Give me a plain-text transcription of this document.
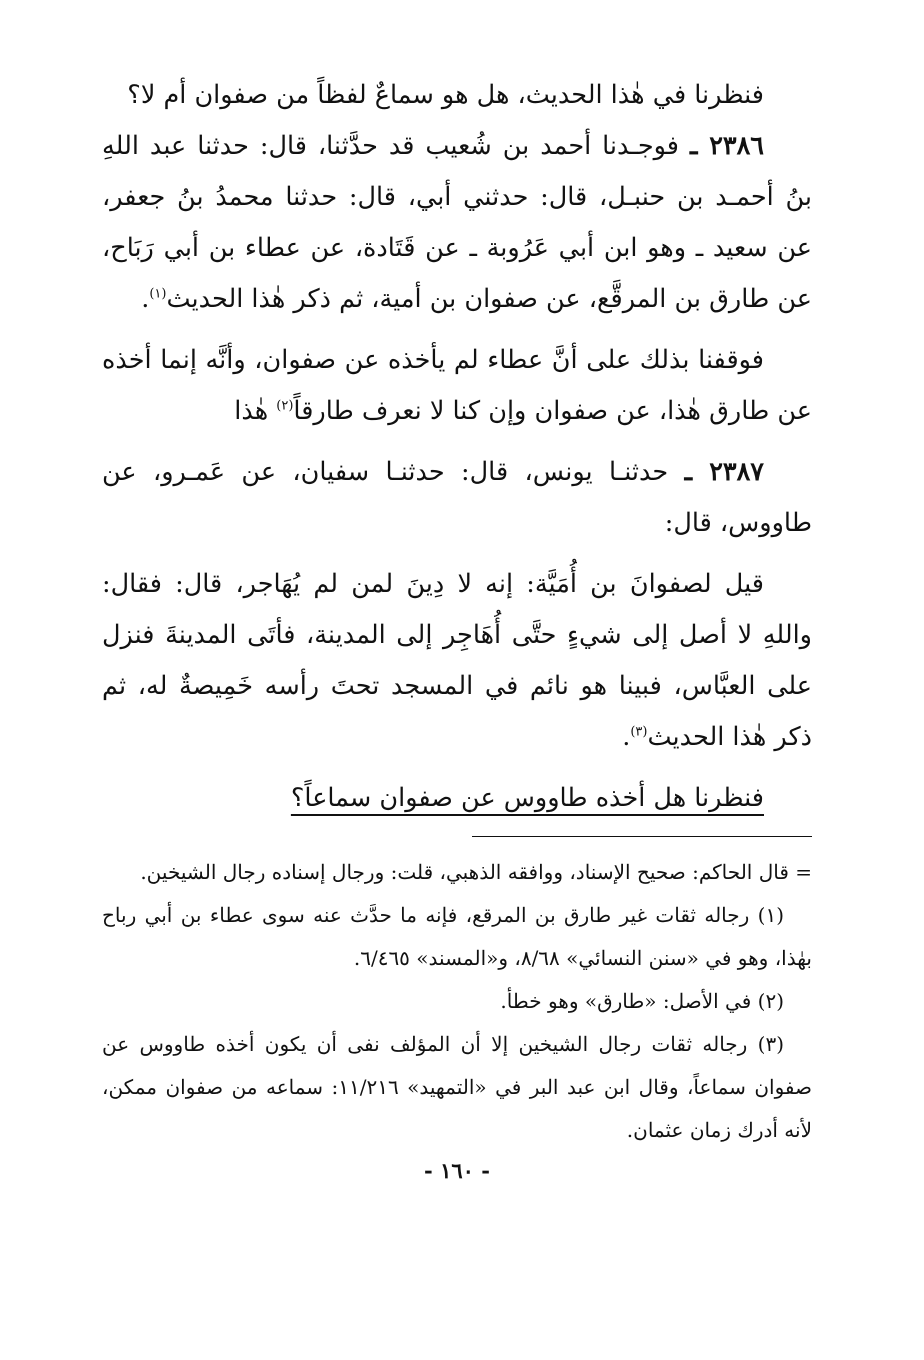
فنظرنا في هٰذا الحديث، هل هو سماعٌ لفظاً من صفوان أم لا؟

٢٣٨٦ ـ فوجـدنا أحمد بن شُعيب قد حدَّثنا، قال: حدثنا عبد اللهِ بنُ أحمـد بن حنبـل، قال: حدثني أبي، قال: حدثنا محمدُ بنُ جعفر، عن سعيد ـ وهو ابن أبي عَرُوبة ـ عن قَتَادة، عن عطاء بن أبي رَبَاح، عن طارق بن المرقَّع، عن صفوان بن أمية، ثم ذكر هٰذا الحديث$^{(١)}$.

فوقفنا بذلك على أنَّ عطاء لم يأخذه عن صفوان، وأنَّه إنما أخذه عن طارق هٰذا، عن صفوان وإن كنا لا نعرف طارقاً$^{(٢)}$ هٰذا

٢٣٨٧ ـ حدثنـا يونس، قال: حدثنـا سفيان، عن عَمـرو، عن طاووس، قال:

قيل لصفوانَ بن أُمَيَّة: إنه لا دِينَ لمن لم يُهَاجر، قال: فقال: واللهِ لا أصل إلى شيءٍ حتَّى أُهَاجِر إلى المدينة، فأتَى المدينةَ فنزل على العبَّاس، فبينا هو نائم في المسجد تحتَ رأسه خَمِيصةٌ له، ثم ذكر هٰذا الحديث$^{(٣)}$.

فنظرنا هل أخذه طاووس عن صفوان سماعاً؟

= قال الحاكم: صحيح الإسناد، ووافقه الذهبي، قلت: ورجال إسناده رجال الشيخين.

(١) رجاله ثقات غير طارق بن المرقع، فإنه ما حدَّث عنه سوى عطاء بن أبي رباح بهٰذا، وهو في «سنن النسائي» ٨/٦٨، و«المسند» ٦/٤٦٥.

(٢) في الأصل: «طارق» وهو خطأ.

(٣) رجاله ثقات رجال الشيخين إلا أن المؤلف نفى أن يكون أخذه طاووس عن صفوان سماعاً، وقال ابن عبد البر في «التمهيد» ١١/٢١٦: سماعه من صفوان ممكن، لأنه أدرك زمان عثمان.

- ١٦٠ -
